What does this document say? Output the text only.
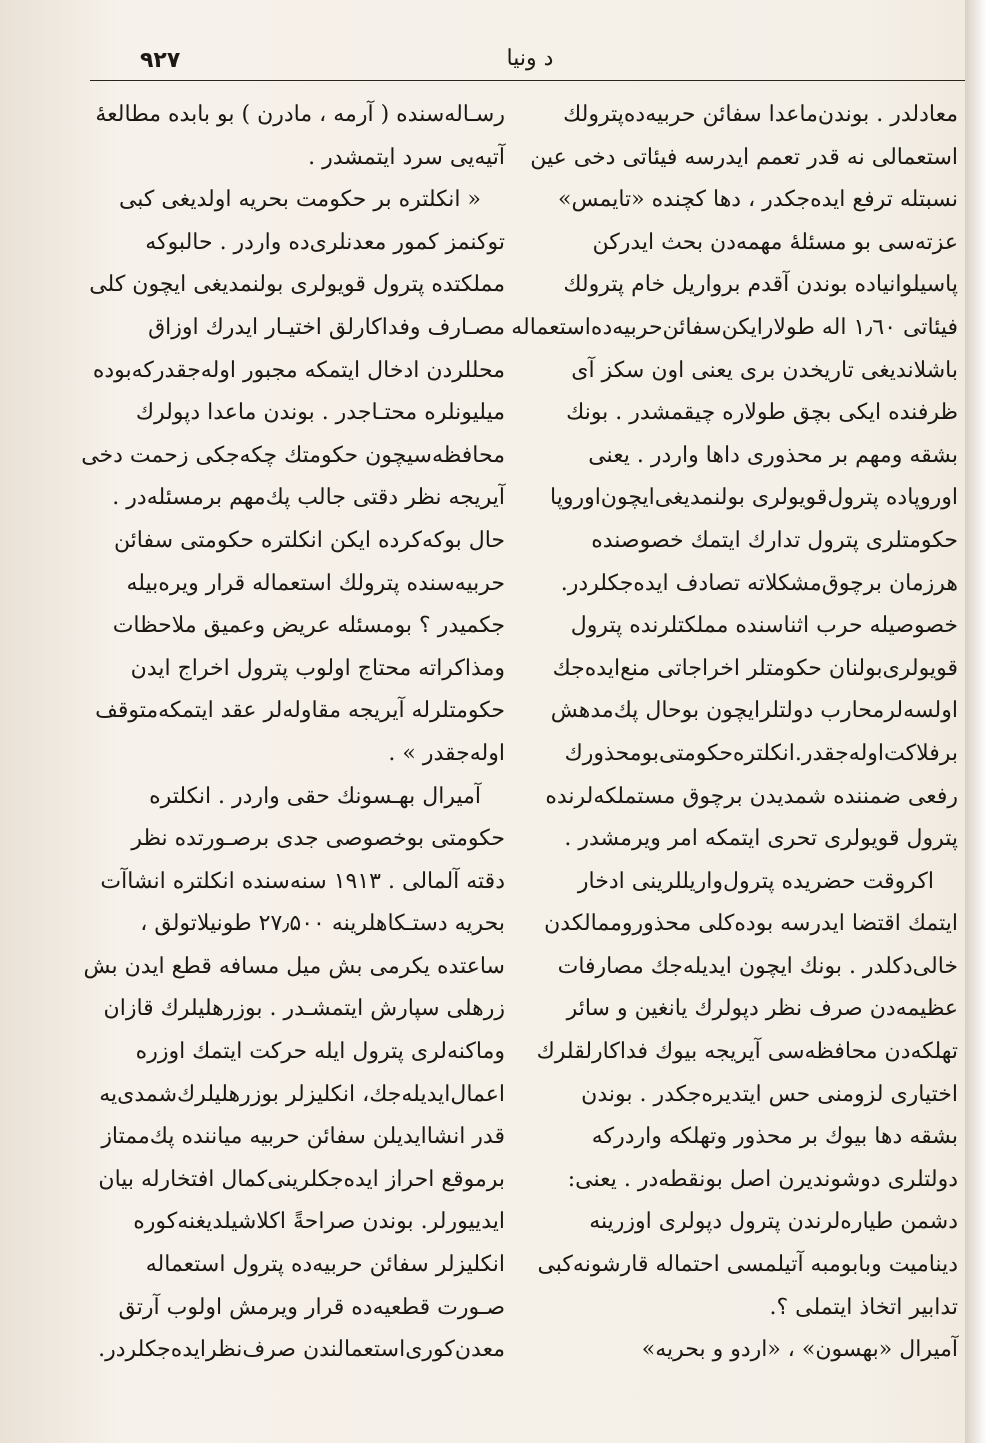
٩٢٧	د ونیا
معادلدر . بوندن‌ماعدا سفائن حربیه‌ده‌پترولك
استعمالی نه قدر تعمم ایدرسه فیئاتی دخی عین
نسبتله ترفع ایده‌جکدر ، دها کچنده «تایمس»
عزته‌سی بو مسئله‌ٔ مهمه‌دن بحث ایدرکن
پاسیلوانیاده بوندن آقدم برواریل خام پترولك
فیئاتی ۱٫٦۰ اله طولارایکن‌سفائن‌حربیه‌ده‌استعماله
باشلاندیغی تاریخدن بری یعنی اون سکز آی
ظرفنده ایکی بچق طولاره چیقمشدر . بونك
بشقه ومهم بر محذوری داها واردر . یعنی
اوروپاده پترول‌قویولری بولنمدیغی‌ایچون‌اوروپا
حکومتلری پترول تدارك ایتمك خصوصنده
هرزمان برچوق‌مشکلاته تصادف ایده‌جکلردر.
خصوصیله حرب اثناسنده مملکتلرنده پترول
قویولری‌بولنان حکومتلر اخراجاتی منع‌ایده‌جك
اولسه‌لرمحارب دولتلرایچون بوحال پك‌مدهش
برفلاکت‌اوله‌جقدر.انکلتره‌حکومتی‌بومحذورك
رفعی ضمننده شمدیدن برچوق مستملکه‌لرنده
پترول قویولری تحری ایتمکه امر ویرمشدر .
اکروقت حضریده پترول‌واریللرینی ادخار
ایتمك اقتضا ایدرسه بوده‌کلی محذوروممالکدن
خالی‌دکلدر . بونك ایچون ایدیله‌جك مصارفات
عظیمه‌دن صرف نظر دپولرك یانغین و سائر
تهلکه‌دن محافظه‌سی آیریجه بیوك فداکارلقلرك
اختیاری لزومنی حس ایتدیره‌جکدر . بوندن
بشقه دها بیوك بر محذور وتهلکه واردرکه
دولتلری دوشوندیرن اصل بونقطه‌در . یعنی:
دشمن طیاره‌لرندن پترول دپولری اوزرینه
دینامیت وبابومبه آتیلمسی احتماله قارشونه‌کبی
تدابیر اتخاذ ایتملی ؟.
آمیرال «بهسون» ، «اردو و بحریه»
رسـاله‌سنده ( آرمه ، مادرن ) بو بابده مطالعهٔ
آتیه‌یی سرد ایتمشدر .
« انکلتره بر حکومت بحریه اولدیغی کبی
توکنمز کمور معدنلری‌ده واردر . حالبوکه
مملکتده پترول قویولری بولنمدیغی ایچون کلی
مصـارف وفداکارلق اختیـار ایدرك اوزاق
محللردن ادخال ایتمکه مجبور اوله‌جقدرکه‌بوده
میلیونلره محتـاجدر . بوندن ماعدا دپولرك
محافظه‌سیچون حکومتك چکه‌جکی زحمت دخی
آیریجه نظر دقتی جالب پك‌مهم برمسئله‌در .
حال بوکه‌کرده ایکن انکلتره حکومتی سفائن
حربیه‌سنده پترولك استعماله قرار ویره‌بیله‌
جکمیدر ؟ بومسئله عریض وعمیق ملاحظات
ومذاکراته محتاج اولوب پترول اخراج ایدن
حکومتلرله آیریجه مقاوله‌لر عقد ایتمکه‌متوقف
اوله‌جقدر » .
آمیرال بهـسونك حقی واردر . انکلتره
حکومتی بوخصوصی جدی برصـورتده نظر
دقته آلمالی . ۱۹۱۳ سنه‌سنده انکلتره انشاآت
بحریه دستـکاهلرینه ۲۷٫۵۰۰ طونیلاتولق ،
ساعتده یکرمی بش میل مسافه قطع ایدن بش
زرهلی سپارش ایتمشـدر . بوزرهلیلرك قازان
وماکنه‌لری پترول ایله حرکت ایتمك اوزره
اعمال‌ایدیله‌جك، انکلیزلر بوزرهلیلرك‌شمدی‌یه
قدر انشاایدیلن سفائن حربیه میاننده پك‌ممتاز
برموقع احراز ایده‌جکلرینی‌کمال افتخارله بیان
ایدییورلر. بوندن صراحةً اکلاشیلدیغنه‌کوره
انکلیزلر سفائن حربیه‌ده پترول استعماله
صـورت قطعیه‌ده قرار ویرمش اولوب آرتق
معدن‌کوری‌استعمالندن صرف‌نظرایده‌جکلردر.
